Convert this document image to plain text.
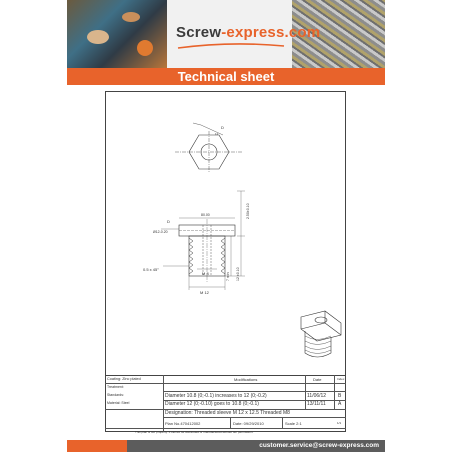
Screw-express.com
Technical sheet
D
12
80.00
D
Ø12-0.20
0.5 x 45°
M 8
M 12
2.50±0.10
7 min 12 ±0.10
Coating: Zinc plated
Treatment:
Standards:
Material: Steel
Modifications	Date	Index
Diameter 10.8 (0;-0.1) increases to 12 (0;-0.2)	11/06/12 B
Diameter 12 (0;-0.10) goes to 10.8 (0;-0.1)	13/11/11 A
Designation: Threaded sleeve M 12 x 12.5 Threaded M8
Plan No.470412002	Date: 09/29/2010	Scale 2:1	1/1
This plan is our property. It cannot be distributed or manufactured without our permission.
customer.service@screw-express.com
